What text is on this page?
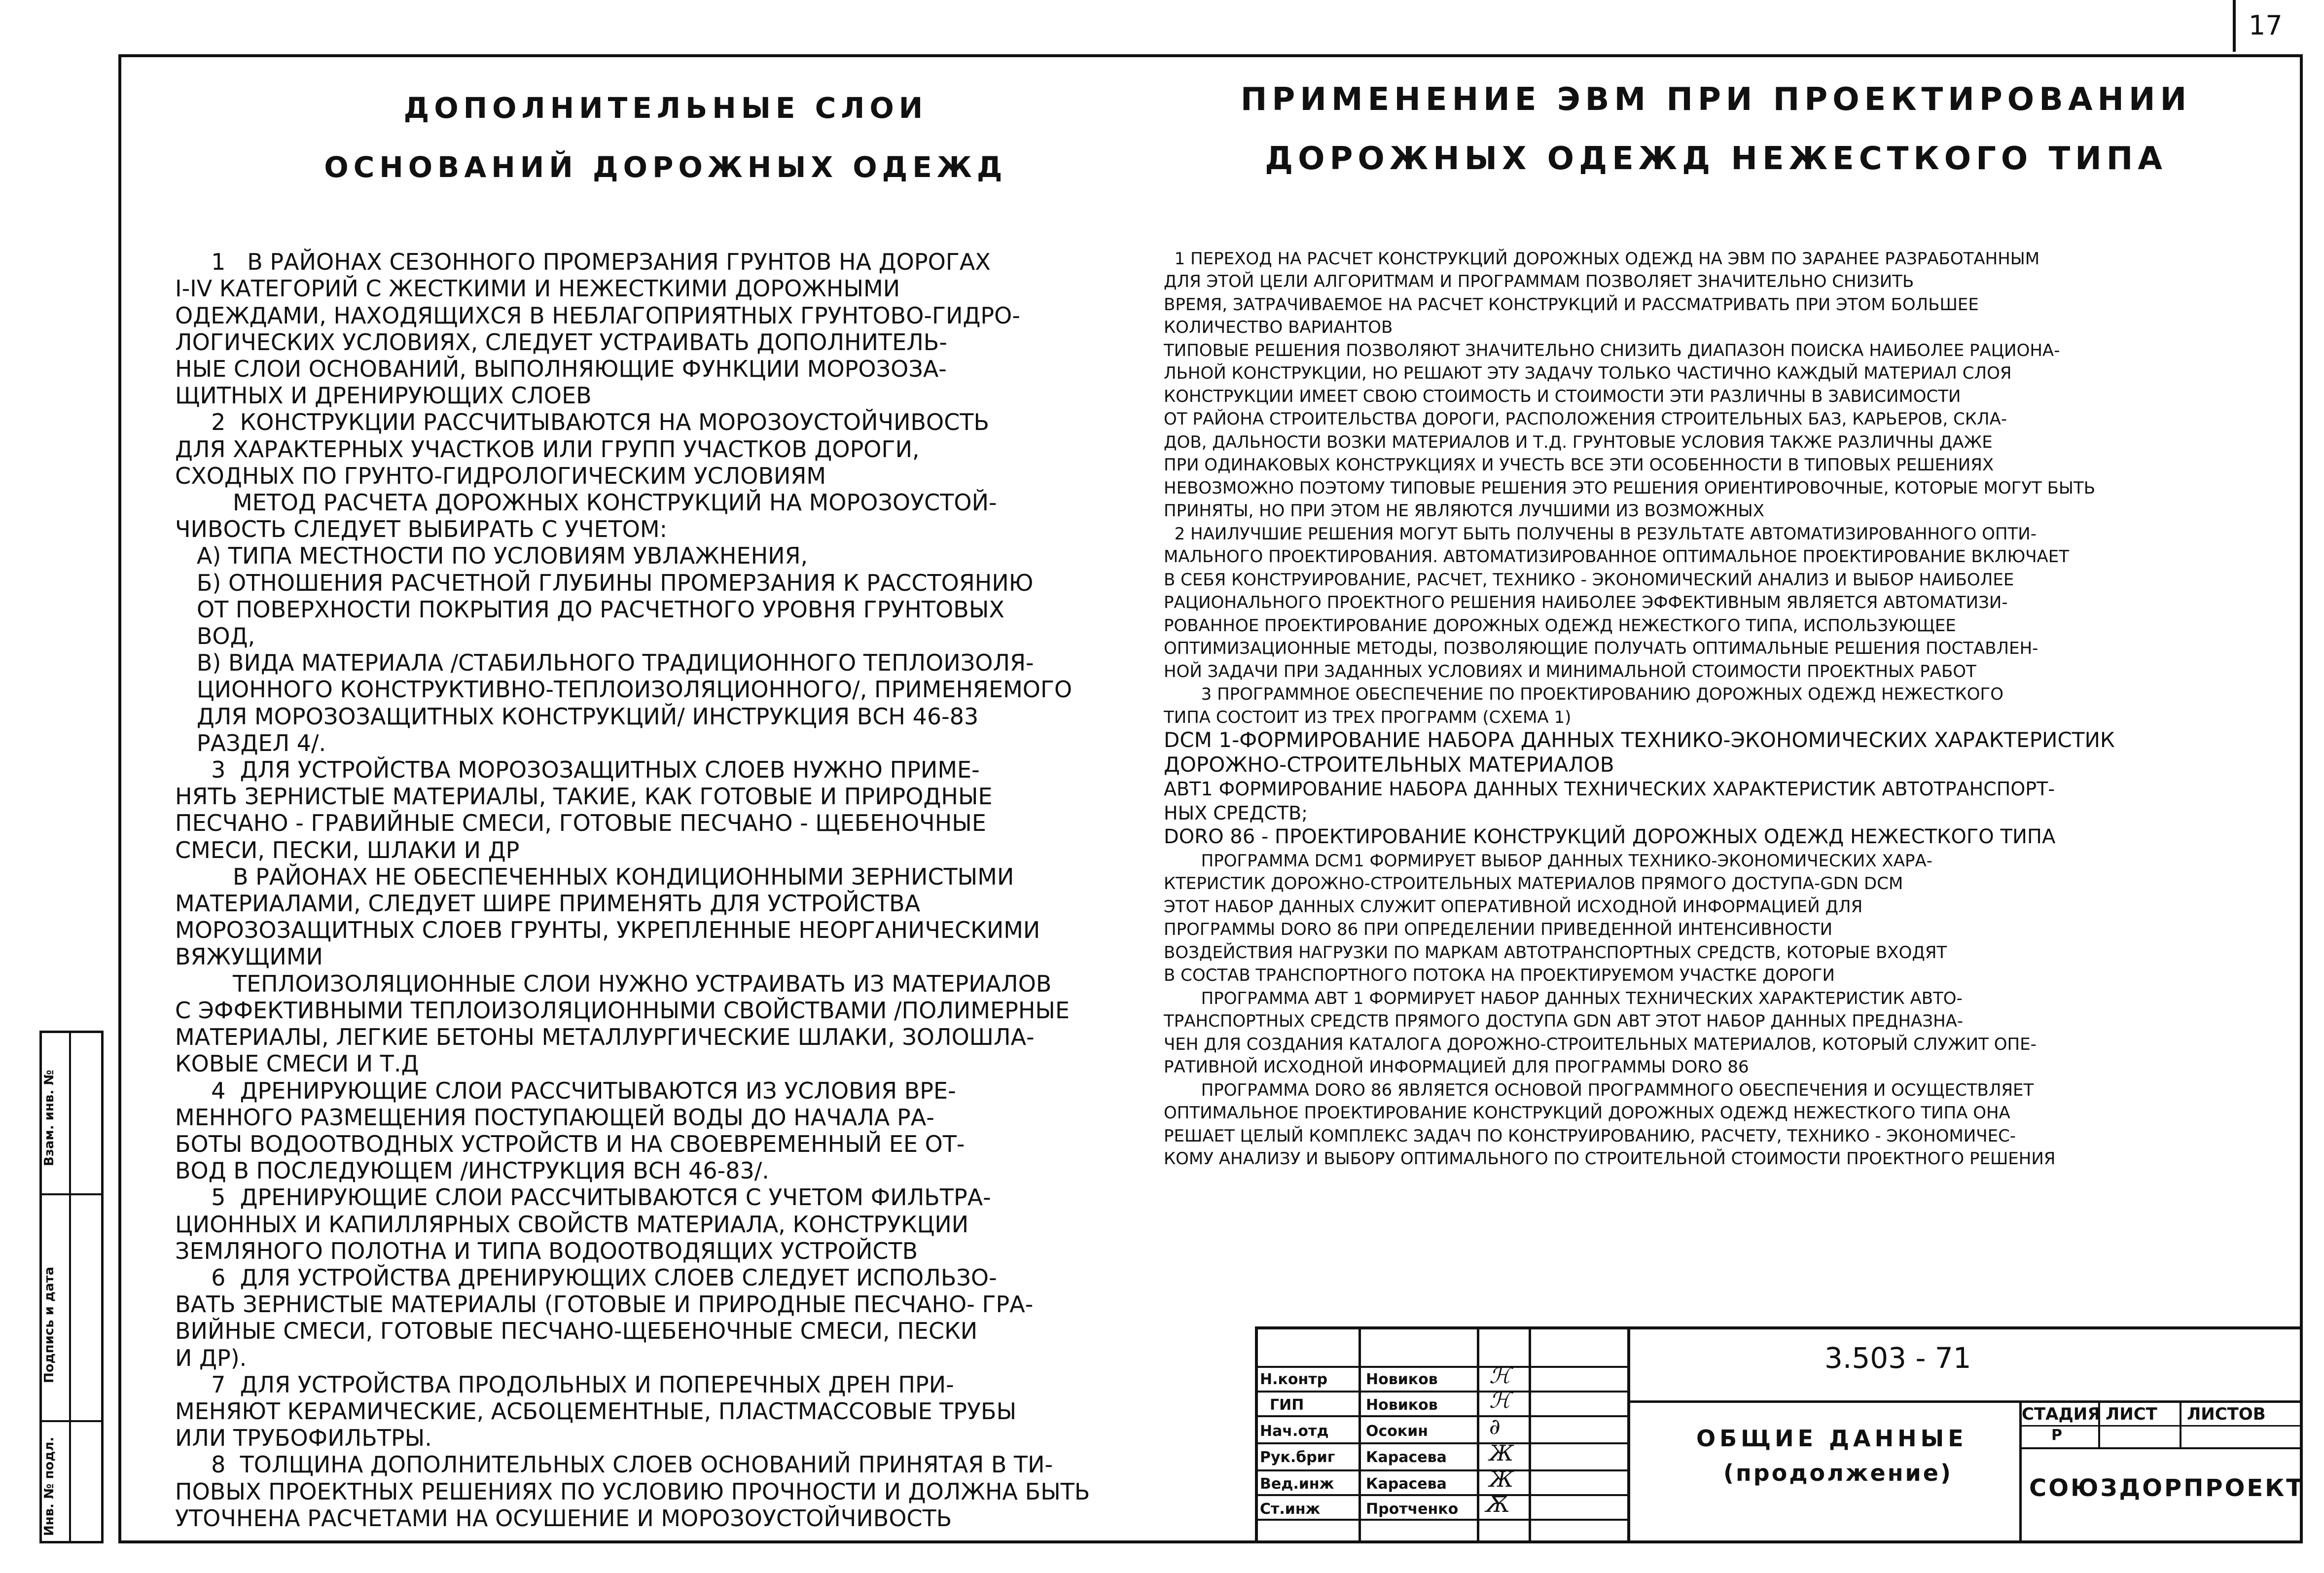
17
Инв. № подл.
Подпись и дата
Взам. инв. №
ДОПОЛНИТЕЛЬНЫЕ СЛОИ
ОСНОВАНИЙ ДОРОЖНЫХ ОДЕЖД

1   В РАЙОНАХ СЕЗОННОГО ПРОМЕРЗАНИЯ ГРУНТОВ НА ДОРОГАХ
I-IV КАТЕГОРИЙ С ЖЕСТКИМИ И НЕЖЕСТКИМИ ДОРОЖНЫМИ
ОДЕЖДАМИ, НАХОДЯЩИХСЯ В НЕБЛАГОПРИЯТНЫХ ГРУНТОВО-ГИДРО-
ЛОГИЧЕСКИХ УСЛОВИЯХ, СЛЕДУЕТ УСТРАИВАТЬ ДОПОЛНИТЕЛЬ-
НЫЕ СЛОИ ОСНОВАНИЙ, ВЫПОЛНЯЮЩИЕ ФУНКЦИИ МОРОЗОЗА-
ЩИТНЫХ И ДРЕНИРУЮЩИХ СЛОЕВ
2  КОНСТРУКЦИИ РАССЧИТЫВАЮТСЯ НА МОРОЗОУСТОЙЧИВОСТЬ
ДЛЯ ХАРАКТЕРНЫХ УЧАСТКОВ ИЛИ ГРУПП УЧАСТКОВ ДОРОГИ,
СХОДНЫХ ПО ГРУНТО-ГИДРОЛОГИЧЕСКИМ УСЛОВИЯМ
МЕТОД РАСЧЕТА ДОРОЖНЫХ КОНСТРУКЦИЙ НА МОРОЗОУСТОЙ-
ЧИВОСТЬ СЛЕДУЕТ ВЫБИРАТЬ С УЧЕТОМ:
А) ТИПА МЕСТНОСТИ ПО УСЛОВИЯМ УВЛАЖНЕНИЯ,
Б) ОТНОШЕНИЯ РАСЧЕТНОЙ ГЛУБИНЫ ПРОМЕРЗАНИЯ К РАССТОЯНИЮ
ОТ ПОВЕРХНОСТИ ПОКРЫТИЯ ДО РАСЧЕТНОГО УРОВНЯ ГРУНТОВЫХ
ВОД,
В) ВИДА МАТЕРИАЛА /СТАБИЛЬНОГО ТРАДИЦИОННОГО ТЕПЛОИЗОЛЯ-
ЦИОННОГО КОНСТРУКТИВНО-ТЕПЛОИЗОЛЯЦИОННОГО/, ПРИМЕНЯЕМОГО
ДЛЯ МОРОЗОЗАЩИТНЫХ КОНСТРУКЦИЙ/ ИНСТРУКЦИЯ ВСН 46-83
РАЗДЕЛ 4/.
3  ДЛЯ УСТРОЙСТВА МОРОЗОЗАЩИТНЫХ СЛОЕВ НУЖНО ПРИМЕ-
НЯТЬ ЗЕРНИСТЫЕ МАТЕРИАЛЫ, ТАКИЕ, КАК ГОТОВЫЕ И ПРИРОДНЫЕ
ПЕСЧАНО - ГРАВИЙНЫЕ СМЕСИ, ГОТОВЫЕ ПЕСЧАНО - ЩЕБЕНОЧНЫЕ
СМЕСИ, ПЕСКИ, ШЛАКИ И ДР
В РАЙОНАХ НЕ ОБЕСПЕЧЕННЫХ КОНДИЦИОННЫМИ ЗЕРНИСТЫМИ
МАТЕРИАЛАМИ, СЛЕДУЕТ ШИРЕ ПРИМЕНЯТЬ ДЛЯ УСТРОЙСТВА
МОРОЗОЗАЩИТНЫХ СЛОЕВ ГРУНТЫ, УКРЕПЛЕННЫЕ НЕОРГАНИЧЕСКИМИ
ВЯЖУЩИМИ
ТЕПЛОИЗОЛЯЦИОННЫЕ СЛОИ НУЖНО УСТРАИВАТЬ ИЗ МАТЕРИАЛОВ
С ЭФФЕКТИВНЫМИ ТЕПЛОИЗОЛЯЦИОННЫМИ СВОЙСТВАМИ /ПОЛИМЕРНЫЕ
МАТЕРИАЛЫ, ЛЕГКИЕ БЕТОНЫ МЕТАЛЛУРГИЧЕСКИЕ ШЛАКИ, ЗОЛОШЛА-
КОВЫЕ СМЕСИ И Т.Д
4  ДРЕНИРУЮЩИЕ СЛОИ РАССЧИТЫВАЮТСЯ ИЗ УСЛОВИЯ ВРЕ-
МЕННОГО РАЗМЕЩЕНИЯ ПОСТУПАЮЩЕЙ ВОДЫ ДО НАЧАЛА РА-
БОТЫ ВОДООТВОДНЫХ УСТРОЙСТВ И НА СВОЕВРЕМЕННЫЙ ЕЕ ОТ-
ВОД В ПОСЛЕДУЮЩЕМ /ИНСТРУКЦИЯ ВСН 46-83/.
5  ДРЕНИРУЮЩИЕ СЛОИ РАССЧИТЫВАЮТСЯ С УЧЕТОМ ФИЛЬТРА-
ЦИОННЫХ И КАПИЛЛЯРНЫХ СВОЙСТВ МАТЕРИАЛА, КОНСТРУКЦИИ
ЗЕМЛЯНОГО ПОЛОТНА И ТИПА ВОДООТВОДЯЩИХ УСТРОЙСТВ
6  ДЛЯ УСТРОЙСТВА ДРЕНИРУЮЩИХ СЛОЕВ СЛЕДУЕТ ИСПОЛЬЗО-
ВАТЬ ЗЕРНИСТЫЕ МАТЕРИАЛЫ (ГОТОВЫЕ И ПРИРОДНЫЕ ПЕСЧАНО- ГРА-
ВИЙНЫЕ СМЕСИ, ГОТОВЫЕ ПЕСЧАНО-ЩЕБЕНОЧНЫЕ СМЕСИ, ПЕСКИ
И ДР).
7  ДЛЯ УСТРОЙСТВА ПРОДОЛЬНЫХ И ПОПЕРЕЧНЫХ ДРЕН ПРИ-
МЕНЯЮТ КЕРАМИЧЕСКИЕ, АСБОЦЕМЕНТНЫЕ, ПЛАСТМАССОВЫЕ ТРУБЫ
ИЛИ ТРУБОФИЛЬТРЫ.
8  ТОЛЩИНА ДОПОЛНИТЕЛЬНЫХ СЛОЕВ ОСНОВАНИЙ ПРИНЯТАЯ В ТИ-
ПОВЫХ ПРОЕКТНЫХ РЕШЕНИЯХ ПО УСЛОВИЮ ПРОЧНОСТИ И ДОЛЖНА БЫТЬ
УТОЧНЕНА РАСЧЕТАМИ НА ОСУШЕНИЕ И МОРОЗОУСТОЙЧИВОСТЬ

ПРИМЕНЕНИЕ ЭВМ ПРИ ПРОЕКТИРОВАНИИ
ДОРОЖНЫХ ОДЕЖД НЕЖЕСТКОГО ТИПА

1 ПЕРЕХОД НА РАСЧЕТ КОНСТРУКЦИЙ ДОРОЖНЫХ ОДЕЖД НА ЭВМ ПО ЗАРАНЕЕ РАЗРАБОТАННЫМ
ДЛЯ ЭТОЙ ЦЕЛИ АЛГОРИТМАМ И ПРОГРАММАМ ПОЗВОЛЯЕТ ЗНАЧИТЕЛЬНО СНИЗИТЬ
ВРЕМЯ, ЗАТРАЧИВАЕМОЕ НА РАСЧЕТ КОНСТРУКЦИЙ И РАССМАТРИВАТЬ ПРИ ЭТОМ БОЛЬШЕЕ
КОЛИЧЕСТВО ВАРИАНТОВ
ТИПОВЫЕ РЕШЕНИЯ ПОЗВОЛЯЮТ ЗНАЧИТЕЛЬНО СНИЗИТЬ ДИАПАЗОН ПОИСКА НАИБОЛЕЕ РАЦИОНА-
ЛЬНОЙ КОНСТРУКЦИИ, НО РЕШАЮТ ЭТУ ЗАДАЧУ ТОЛЬКО ЧАСТИЧНО КАЖДЫЙ МАТЕРИАЛ СЛОЯ
КОНСТРУКЦИИ ИМЕЕТ СВОЮ СТОИМОСТЬ И СТОИМОСТИ ЭТИ РАЗЛИЧНЫ В ЗАВИСИМОСТИ
ОТ РАЙОНА СТРОИТЕЛЬСТВА ДОРОГИ, РАСПОЛОЖЕНИЯ СТРОИТЕЛЬНЫХ БАЗ, КАРЬЕРОВ, СКЛА-
ДОВ, ДАЛЬНОСТИ ВОЗКИ МАТЕРИАЛОВ И Т.Д. ГРУНТОВЫЕ УСЛОВИЯ ТАКЖЕ РАЗЛИЧНЫ ДАЖЕ
ПРИ ОДИНАКОВЫХ КОНСТРУКЦИЯХ И УЧЕСТЬ ВСЕ ЭТИ ОСОБЕННОСТИ В ТИПОВЫХ РЕШЕНИЯХ
НЕВОЗМОЖНО ПОЭТОМУ ТИПОВЫЕ РЕШЕНИЯ ЭТО РЕШЕНИЯ ОРИЕНТИРОВОЧНЫЕ, КОТОРЫЕ МОГУТ БЫТЬ
ПРИНЯТЫ, НО ПРИ ЭТОМ НЕ ЯВЛЯЮТСЯ ЛУЧШИМИ ИЗ ВОЗМОЖНЫХ
2 НАИЛУЧШИЕ РЕШЕНИЯ МОГУТ БЫТЬ ПОЛУЧЕНЫ В РЕЗУЛЬТАТЕ АВТОМАТИЗИРОВАННОГО ОПТИ-
МАЛЬНОГО ПРОЕКТИРОВАНИЯ. АВТОМАТИЗИРОВАННОЕ ОПТИМАЛЬНОЕ ПРОЕКТИРОВАНИЕ ВКЛЮЧАЕТ
В СЕБЯ КОНСТРУИРОВАНИЕ, РАСЧЕТ, ТЕХНИКО - ЭКОНОМИЧЕСКИЙ АНАЛИЗ И ВЫБОР НАИБОЛЕЕ
РАЦИОНАЛЬНОГО ПРОЕКТНОГО РЕШЕНИЯ НАИБОЛЕЕ ЭФФЕКТИВНЫМ ЯВЛЯЕТСЯ АВТОМАТИЗИ-
РОВАННОЕ ПРОЕКТИРОВАНИЕ ДОРОЖНЫХ ОДЕЖД НЕЖЕСТКОГО ТИПА, ИСПОЛЬЗУЮЩЕЕ
ОПТИМИЗАЦИОННЫЕ МЕТОДЫ, ПОЗВОЛЯЮЩИЕ ПОЛУЧАТЬ ОПТИМАЛЬНЫЕ РЕШЕНИЯ ПОСТАВЛЕН-
НОЙ ЗАДАЧИ ПРИ ЗАДАННЫХ УСЛОВИЯХ И МИНИМАЛЬНОЙ СТОИМОСТИ ПРОЕКТНЫХ РАБОТ
3 ПРОГРАММНОЕ ОБЕСПЕЧЕНИЕ ПО ПРОЕКТИРОВАНИЮ ДОРОЖНЫХ ОДЕЖД НЕЖЕСТКОГО
ТИПА СОСТОИТ ИЗ ТРЕХ ПРОГРАММ (СХЕМА 1)
DCM 1-ФОРМИРОВАНИЕ НАБОРА ДАННЫХ ТЕХНИКО-ЭКОНОМИЧЕСКИХ ХАРАКТЕРИСТИК
ДОРОЖНО-СТРОИТЕЛЬНЫХ МАТЕРИАЛОВ
ABT1 ФОРМИРОВАНИЕ НАБОРА ДАННЫХ ТЕХНИЧЕСКИХ ХАРАКТЕРИСТИК АВТОТРАНСПОРТ-
НЫХ СРЕДСТВ;
DORO 86 - ПРОЕКТИРОВАНИЕ КОНСТРУКЦИЙ ДОРОЖНЫХ ОДЕЖД НЕЖЕСТКОГО ТИПА
ПРОГРАММА DCM1 ФОРМИРУЕТ ВЫБОР ДАННЫХ ТЕХНИКО-ЭКОНОМИЧЕСКИХ ХАРА-
КТЕРИСТИК ДОРОЖНО-СТРОИТЕЛЬНЫХ МАТЕРИАЛОВ ПРЯМОГО ДОСТУПА-GDN DCM
ЭТОТ НАБОР ДАННЫХ СЛУЖИТ ОПЕРАТИВНОЙ ИСХОДНОЙ ИНФОРМАЦИЕЙ ДЛЯ
ПРОГРАММЫ DORO 86 ПРИ ОПРЕДЕЛЕНИИ ПРИВЕДЕННОЙ ИНТЕНСИВНОСТИ
ВОЗДЕЙСТВИЯ НАГРУЗКИ ПО МАРКАМ АВТОТРАНСПОРТНЫХ СРЕДСТВ, КОТОРЫЕ ВХОДЯТ
В СОСТАВ ТРАНСПОРТНОГО ПОТОКА НА ПРОЕКТИРУЕМОМ УЧАСТКЕ ДОРОГИ
ПРОГРАММА ABT 1 ФОРМИРУЕТ НАБОР ДАННЫХ ТЕХНИЧЕСКИХ ХАРАКТЕРИСТИК АВТО-
ТРАНСПОРТНЫХ СРЕДСТВ ПРЯМОГО ДОСТУПА GDN ABT ЭТОТ НАБОР ДАННЫХ ПРЕДНАЗНА-
ЧЕН ДЛЯ СОЗДАНИЯ КАТАЛОГА ДОРОЖНО-СТРОИТЕЛЬНЫХ МАТЕРИАЛОВ, КОТОРЫЙ СЛУЖИТ ОПЕ-
РАТИВНОЙ ИСХОДНОЙ ИНФОРМАЦИЕЙ ДЛЯ ПРОГРАММЫ DORO 86
ПРОГРАММА DORO 86 ЯВЛЯЕТСЯ ОСНОВОЙ ПРОГРАММНОГО ОБЕСПЕЧЕНИЯ И ОСУЩЕСТВЛЯЕТ
ОПТИМАЛЬНОЕ ПРОЕКТИРОВАНИЕ КОНСТРУКЦИЙ ДОРОЖНЫХ ОДЕЖД НЕЖЕСТКОГО ТИПА ОНА
РЕШАЕТ ЦЕЛЫЙ КОМПЛЕКС ЗАДАЧ ПО КОНСТРУИРОВАНИЮ, РАСЧЕТУ, ТЕХНИКО - ЭКОНОМИЧЕС-
КОМУ АНАЛИЗУ И ВЫБОРУ ОПТИМАЛЬНОГО ПО СТРОИТЕЛЬНОЙ СТОИМОСТИ ПРОЕКТНОГО РЕШЕНИЯ

Н.контр	Новиков ℋ
ГИП	Новиков ℋ
Нач.отд	Осокин	∂
Рук.бриг Карасева Ж
Вед.инж Карасева Ж
Ст.инж	Протченко Ѫ
3.503 - 71
ОБЩИЕ ДАННЫЕ
(продолжение)
СТАДИЯ ЛИСТ ЛИСТОВ
Р
СОЮЗДОРПРОЕКТ
